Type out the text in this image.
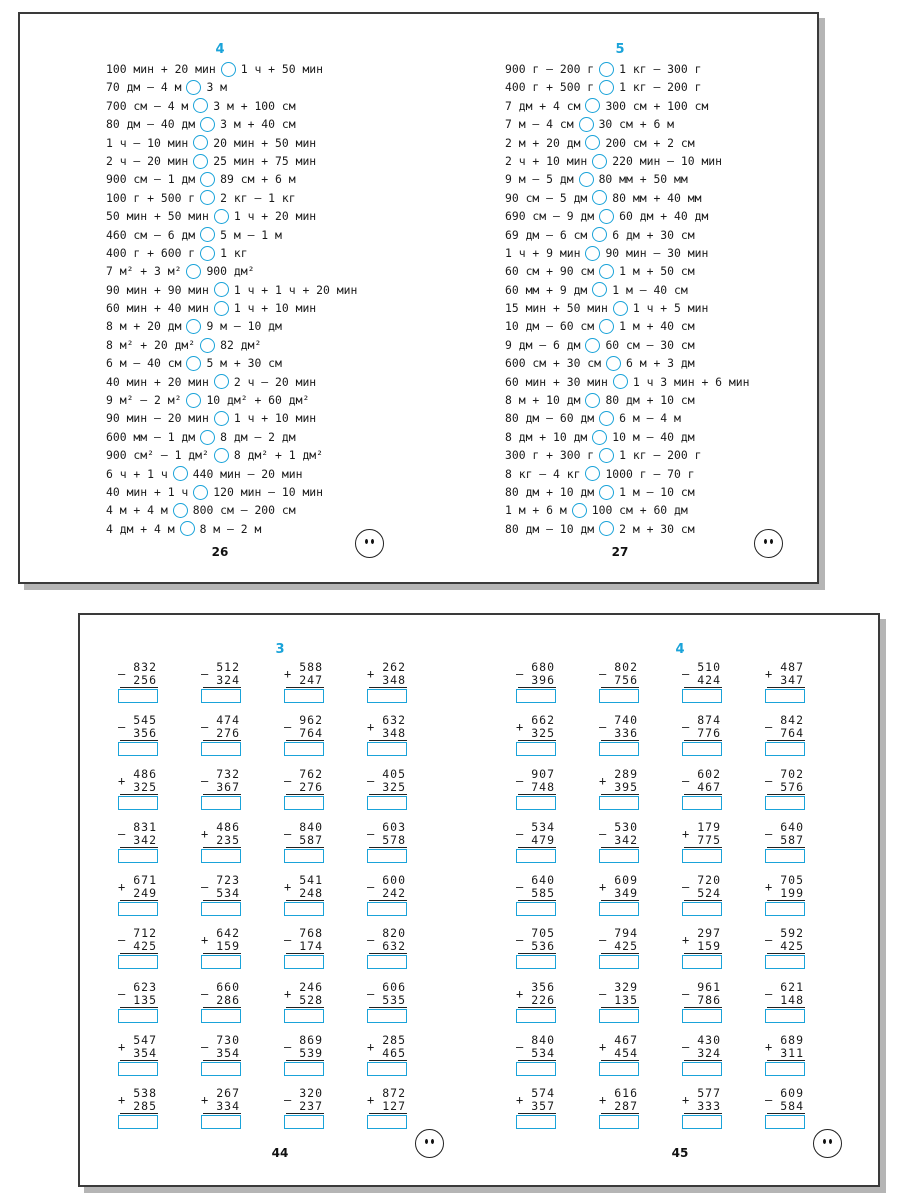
4
100 мин + 20 мин 1 ч + 50 мин
70 дм – 4 м 3 м
700 см – 4 м 3 м + 100 см
80 дм – 40 дм 3 м + 40 см
1 ч – 10 мин 20 мин + 50 мин
2 ч – 20 мин 25 мин + 75 мин
900 см – 1 дм 89 см + 6 м
100 г + 500 г 2 кг – 1 кг
50 мин + 50 мин 1 ч + 20 мин
460 см – 6 дм 5 м – 1 м
400 г + 600 г 1 кг
7 м² + 3 м² 900 дм²
90 мин + 90 мин 1 ч + 1 ч + 20 мин
60 мин + 40 мин 1 ч + 10 мин
8 м + 20 дм 9 м – 10 дм
8 м² + 20 дм² 82 дм²
6 м – 40 см 5 м + 30 см
40 мин + 20 мин 2 ч – 20 мин
9 м² – 2 м² 10 дм² + 60 дм²
90 мин – 20 мин 1 ч + 10 мин
600 мм – 1 дм 8 дм – 2 дм
900 см² – 1 дм² 8 дм² + 1 дм²
6 ч + 1 ч 440 мин – 20 мин
40 мин + 1 ч 120 мин – 10 мин
4 м + 4 м 800 см – 200 см
4 дм + 4 м 8 м – 2 м
26
5
900 г – 200 г 1 кг – 300 г
400 г + 500 г 1 кг – 200 г
7 дм + 4 см 300 см + 100 см
7 м – 4 см 30 см + 6 м
2 м + 20 дм 200 см + 2 см
2 ч + 10 мин 220 мин – 10 мин
9 м – 5 дм 80 мм + 50 мм
90 см – 5 дм 80 мм + 40 мм
690 см – 9 дм 60 дм + 40 дм
69 дм – 6 см 6 дм + 30 см
1 ч + 9 мин 90 мин – 30 мин
60 см + 90 см 1 м + 50 см
60 мм + 9 дм 1 м – 40 см
15 мин + 50 мин 1 ч + 5 мин
10 дм – 60 см 1 м + 40 см
9 дм – 6 дм 60 см – 30 см
600 см + 30 см 6 м + 3 дм
60 мин + 30 мин 1 ч 3 мин + 6 мин
8 м + 10 дм 80 дм + 10 см
80 дм – 60 дм 6 м – 4 м
8 дм + 10 дм 10 м – 40 дм
300 г + 300 г 1 кг – 200 г
8 кг – 4 кг 1000 г – 70 г
80 дм + 10 дм 1 м – 10 см
1 м + 6 м 100 см + 60 дм
80 дм – 10 дм 2 м + 30 см
27
3
832
– 256
512
– 324
588
+ 247
262
+ 348
545
– 356
474
– 276
962
– 764
632
+ 348
486
+ 325
732
– 367
762
– 276
405
– 325
831
– 342
486
+ 235
840
– 587
603
– 578
671
+ 249
723
– 534
541
+ 248
600
– 242
712
– 425
642
+ 159
768
– 174
820
– 632
623
– 135
660
– 286
246
+ 528
606
– 535
547
+ 354
730
– 354
869
– 539
285
+ 465
538
+ 285
267
+ 334
320
– 237
872
+ 127
44
4
680
– 396
802
– 756
510
– 424
487
+ 347
662
+ 325
740
– 336
874
– 776
842
– 764
907
– 748
289
+ 395
602
– 467
702
– 576
534
– 479
530
– 342
179
+ 775
640
– 587
640
– 585
609
+ 349
720
– 524
705
+ 199
705
– 536
794
– 425
297
+ 159
592
– 425
356
+ 226
329
– 135
961
– 786
621
– 148
840
– 534
467
+ 454
430
– 324
689
+ 311
574
+ 357
616
+ 287
577
+ 333
609
– 584
45
